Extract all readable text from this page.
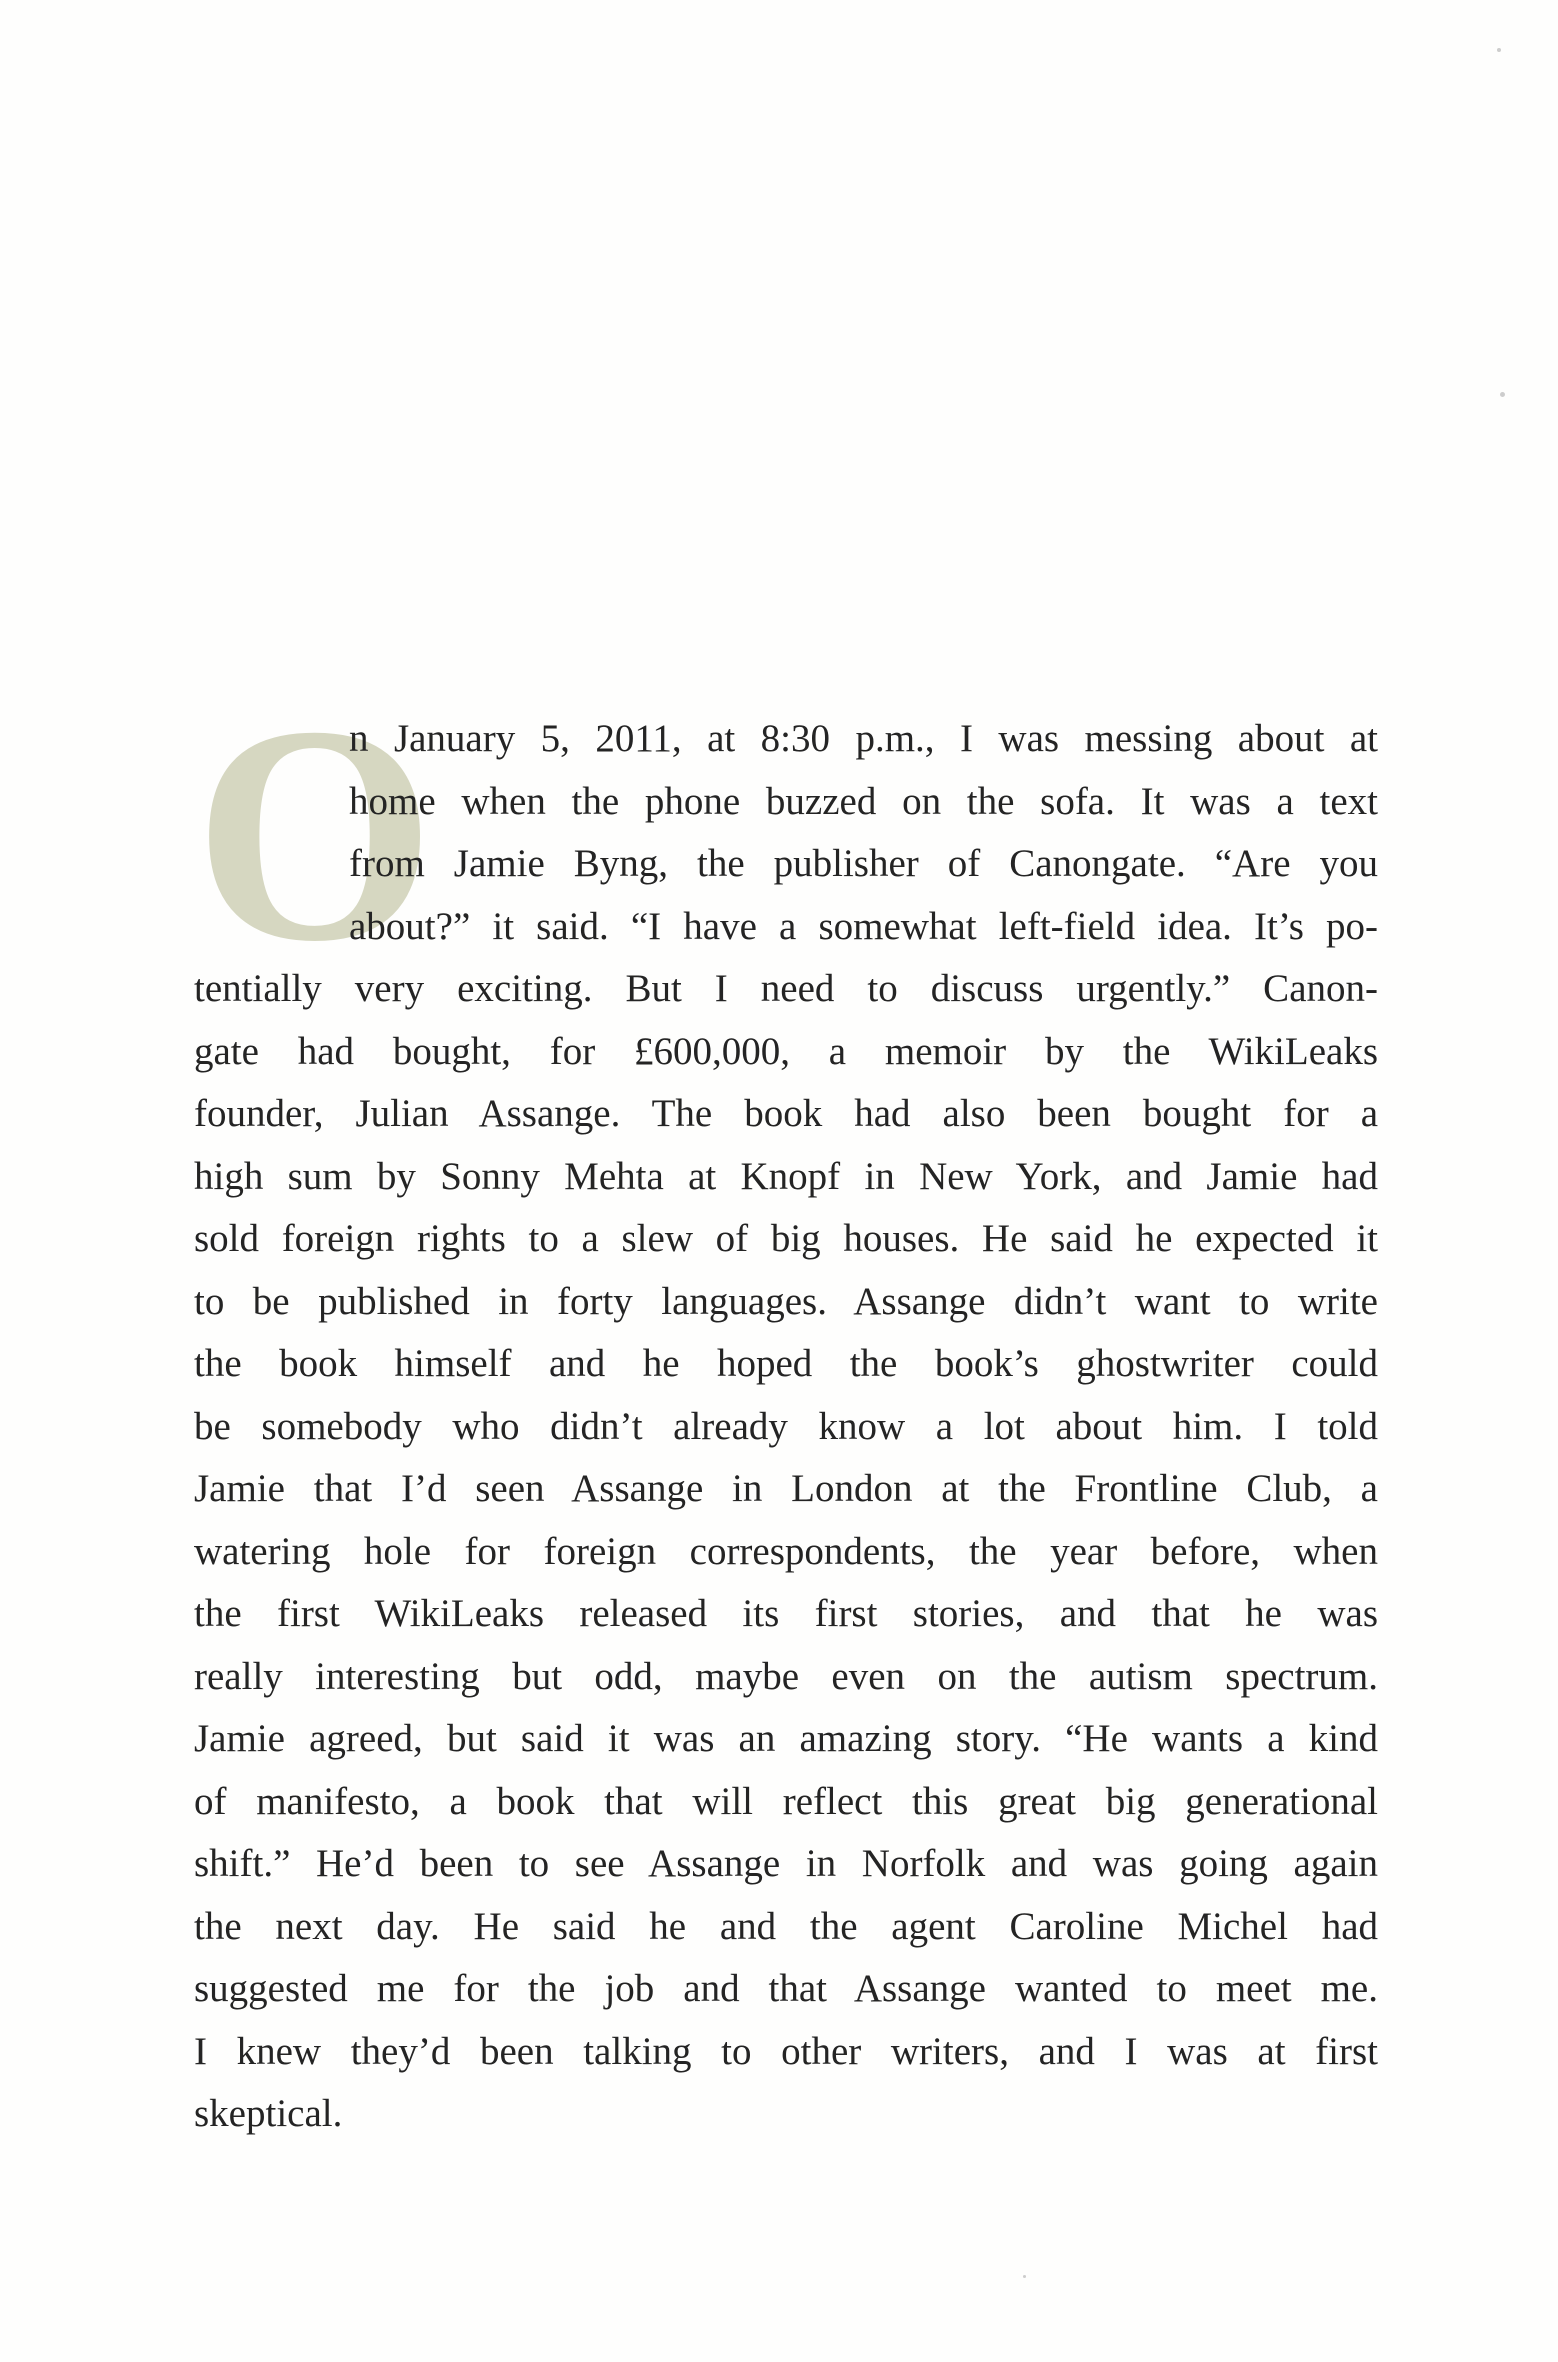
O
n January 5, 2011, at 8:30 p.m., I was messing about at
home when the phone buzzed on the sofa. It was a text
from Jamie Byng, the publisher of Canongate. “Are you
about?” it said. “I have a somewhat left-field idea. It’s po-
tentially very exciting. But I need to discuss urgently.” Canon-
gate had bought, for £600,000, a memoir by the WikiLeaks
founder, Julian Assange. The book had also been bought for a
high sum by Sonny Mehta at Knopf in New York, and Jamie had
sold foreign rights to a slew of big houses. He said he expected it
to be published in forty languages. Assange didn’t want to write
the book himself and he hoped the book’s ghostwriter could
be somebody who didn’t already know a lot about him. I told
Jamie that I’d seen Assange in London at the Frontline Club, a
watering hole for foreign correspondents, the year before, when
the first WikiLeaks released its first stories, and that he was
really interesting but odd, maybe even on the autism spectrum.
Jamie agreed, but said it was an amazing story. “He wants a kind
of manifesto, a book that will reflect this great big generational
shift.” He’d been to see Assange in Norfolk and was going again
the next day. He said he and the agent Caroline Michel had
suggested me for the job and that Assange wanted to meet me.
I knew they’d been talking to other writers, and I was at first
skeptical.
